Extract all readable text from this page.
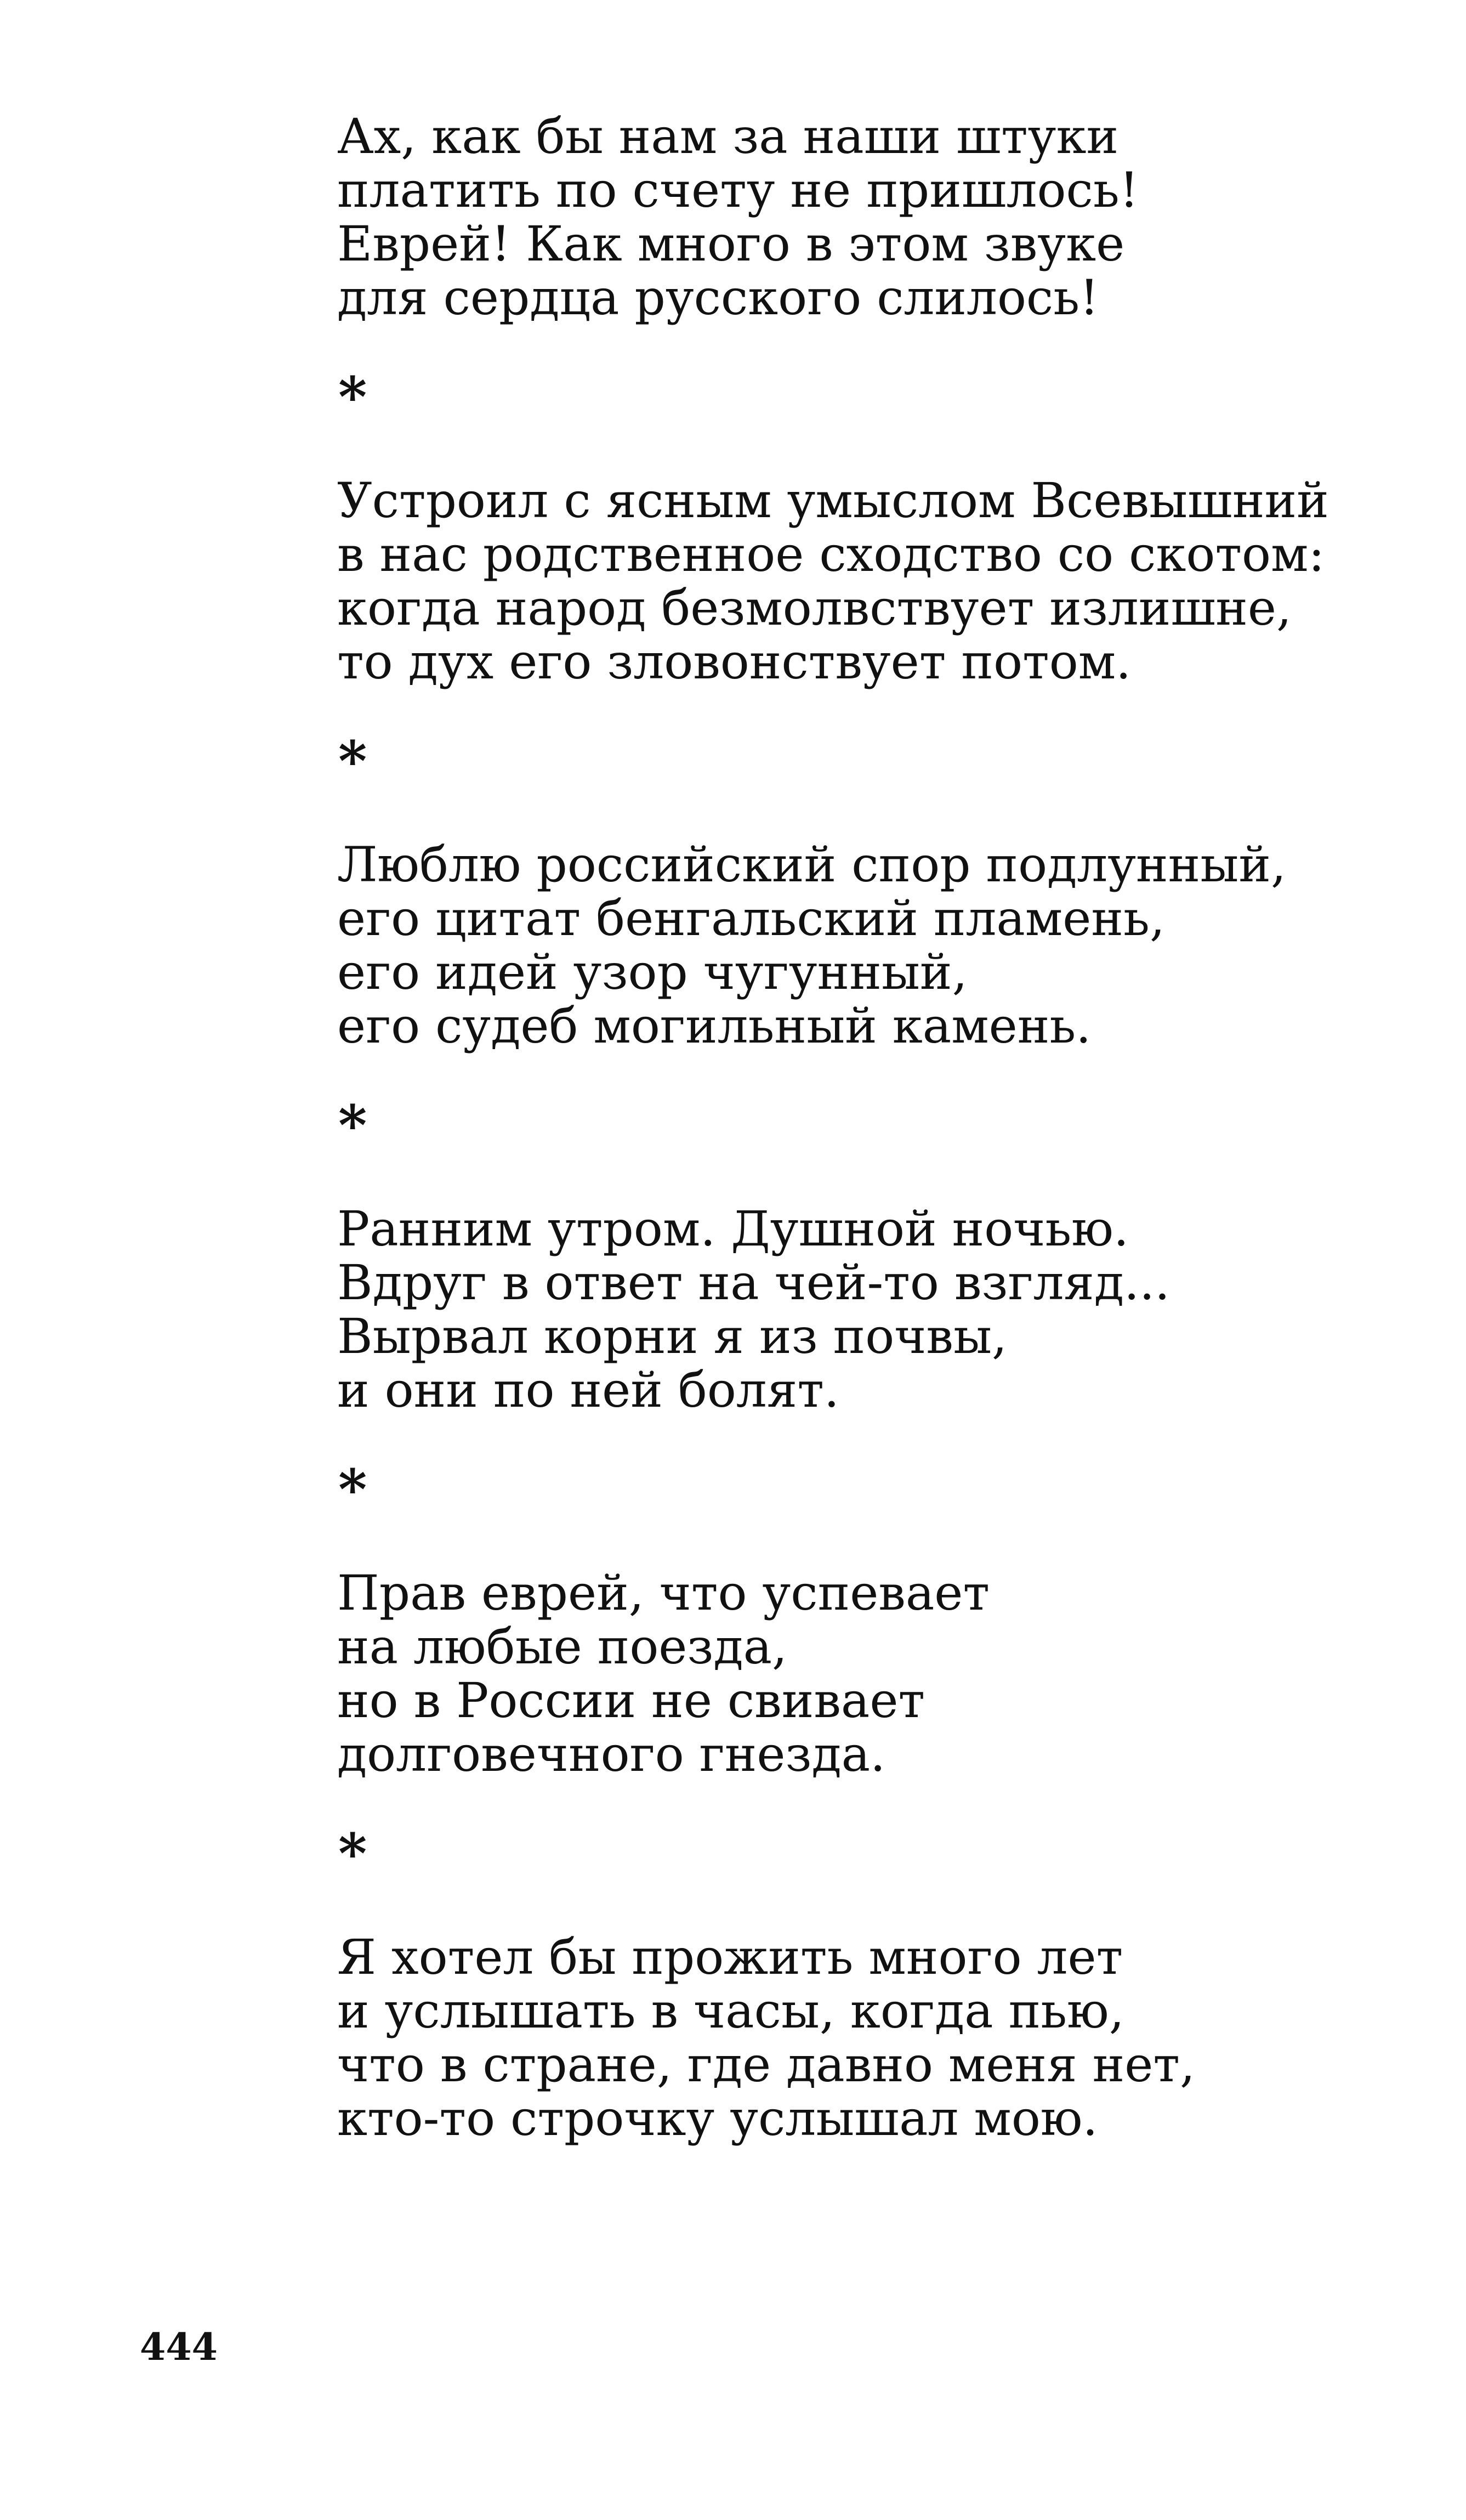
Ах, как бы нам за наши штуки
платить по счету не пришлось!
Еврей! Как много в этом звуке
для сердца русского слилось!
*
Устроил с ясным умыслом Всевышний
в нас родственное сходство со скотом:
когда народ безмолвствует излишне,
то дух его зловонствует потом.
*
Люблю российский спор подлунный,
его цитат бенгальский пламень,
его идей узор чугунный,
его судеб могильный камень.
*
Ранним утром. Душной ночью.
Вдруг в ответ на чей-то взгляд...
Вырвал корни я из почвы,
и они по ней болят.
*
Прав еврей, что успевает
на любые поезда,
но в России не свивает
долговечного гнезда.
*
Я хотел бы прожить много лет
и услышать в часы, когда пью,
что в стране, где давно меня нет,
кто-то строчку услышал мою.
444
